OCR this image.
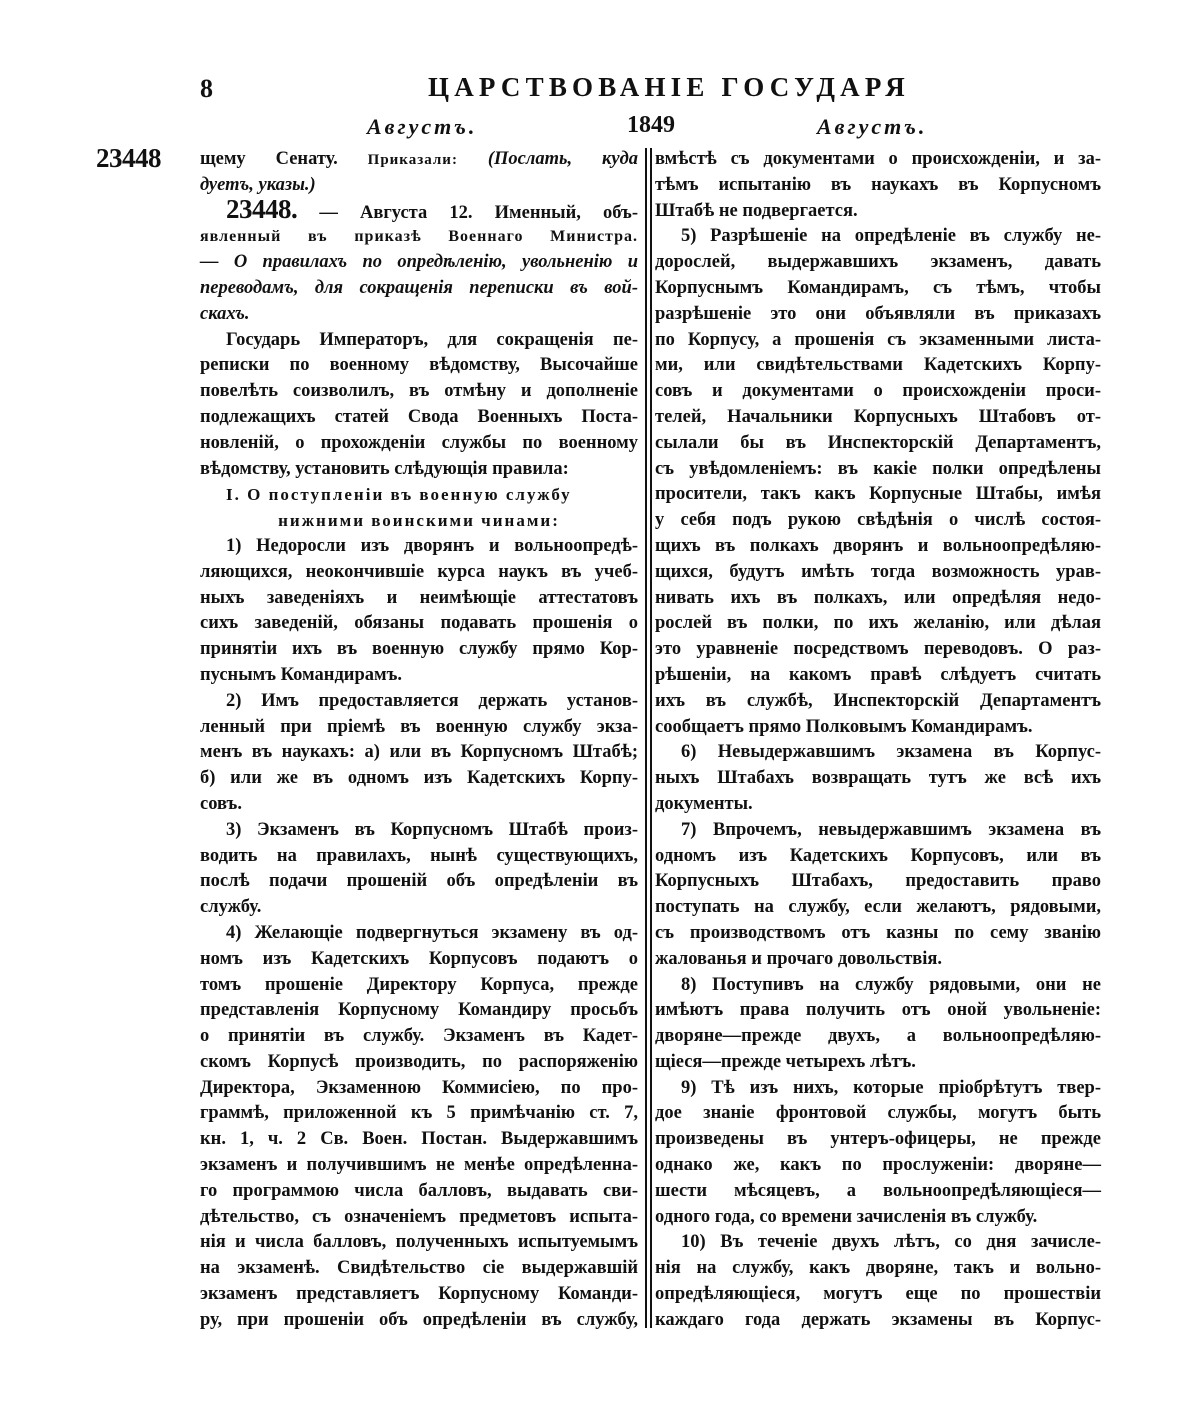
8	ЦАРСТВОВАНІЕ ГОСУДАРЯ
Августъ.	1849	Августъ.
23448 щему Сенату. Приказали: (Послать, куда
дуетъ, указы.)
23448. — Августа 12. Именный, объ-
явленный въ приказѣ Военнаго Министра.
— О правилахъ по опредѣленію, увольненію и
переводамъ, для сокращенія переписки въ вой-
скахъ.
Государь Императоръ, для сокращенія пе-
реписки по военному вѣдомству, Высочайше
повелѣть соизволилъ, въ отмѣну и дополненіе
подлежащихъ статей Свода Военныхъ Поста-
новленій, о прохожденіи службы по военному
вѣдомству, установить слѣдующія правила:
I. О поступленіи въ военную службу
нижними воинскими чинами:
1) Недоросли изъ дворянъ и вольноопредѣ-
ляющихся, неокончившіе курса наукъ въ учеб-
ныхъ заведеніяхъ и неимѣющіе аттестатовъ
сихъ заведеній, обязаны подавать прошенія о
принятіи ихъ въ военную службу прямо Кор-
пуснымъ Командирамъ.
2) Имъ предоставляется держать установ-
ленный при пріемѣ въ военную службу экза-
менъ въ наукахъ: а) или въ Корпусномъ Штабѣ;
б) или же въ одномъ изъ Кадетскихъ Корпу-
совъ.
3) Экзаменъ въ Корпусномъ Штабѣ произ-
водить на правилахъ, нынѣ существующихъ,
послѣ подачи прошеній объ опредѣленіи въ
службу.
4) Желающіе подвергнуться экзамену въ од-
номъ изъ Кадетскихъ Корпусовъ подаютъ о
томъ прошеніе Директору Корпуса, прежде
представленія Корпусному Командиру просьбъ
о принятіи въ службу. Экзаменъ въ Кадет-
скомъ Корпусѣ производить, по распоряженію
Директора, Экзаменною Коммисіею, по про-
граммѣ, приложенной къ 5 примѣчанію ст. 7,
кн. 1, ч. 2 Св. Воен. Постан. Выдержавшимъ
экзаменъ и получившимъ не менѣе опредѣленна-
го программою числа балловъ, выдавать сви-
дѣтельство, съ означеніемъ предметовъ испыта-
нія и числа балловъ, полученныхъ испытуемымъ
на экзаменѣ. Свидѣтельство сіе выдержавшій
экзаменъ представляетъ Корпусному Команди-
ру, при прошеніи объ опредѣленіи въ службу,
вмѣстѣ съ документами о происхожденіи, и за-
тѣмъ испытанію въ наукахъ въ Корпусномъ
Штабѣ не подвергается.
5) Разрѣшеніе на опредѣленіе въ службу не-
дорослей, выдержавшихъ экзаменъ, давать
Корпуснымъ Командирамъ, съ тѣмъ, чтобы
разрѣшеніе это они объявляли въ приказахъ
по Корпусу, а прошенія съ экзаменными листа-
ми, или свидѣтельствами Кадетскихъ Корпу-
совъ и документами о происхожденіи проси-
телей, Начальники Корпусныхъ Штабовъ от-
сылали бы въ Инспекторскій Департаментъ,
съ увѣдомленіемъ: въ какіе полки опредѣлены
просители, такъ какъ Корпусные Штабы, имѣя
у себя подъ рукою свѣдѣнія о числѣ состоя-
щихъ въ полкахъ дворянъ и вольноопредѣляю-
щихся, будутъ имѣть тогда возможность урав-
нивать ихъ въ полкахъ, или опредѣляя недо-
рослей въ полки, по ихъ желанію, или дѣлая
это уравненіе посредствомъ переводовъ. О раз-
рѣшеніи, на какомъ правѣ слѣдуетъ считать
ихъ въ службѣ, Инспекторскій Департаментъ
сообщаетъ прямо Полковымъ Командирамъ.
6) Невыдержавшимъ экзамена въ Корпус-
ныхъ Штабахъ возвращать тутъ же всѣ ихъ
документы.
7) Впрочемъ, невыдержавшимъ экзамена въ
одномъ изъ Кадетскихъ Корпусовъ, или въ
Корпусныхъ Штабахъ, предоставить право
поступать на службу, если желаютъ, рядовыми,
съ производствомъ отъ казны по сему званію
жалованья и прочаго довольствія.
8) Поступивъ на службу рядовыми, они не
имѣютъ права получить отъ оной увольненіе:
дворяне—прежде двухъ, а вольноопредѣляю-
щіеся—прежде четырехъ лѣтъ.
9) Тѣ изъ нихъ, которые пріобрѣтутъ твер-
дое знаніе фронтовой службы, могутъ быть
произведены въ унтеръ-офицеры, не прежде
однако же, какъ по прослуженіи: дворяне—
шести мѣсяцевъ, а вольноопредѣляющіеся—
одного года, со времени зачисленія въ службу.
10) Въ теченіе двухъ лѣтъ, со дня зачисле-
нія на службу, какъ дворяне, такъ и вольно-
опредѣляющіеся, могутъ еще по прошествіи
каждаго года держать экзамены въ Корпус-
